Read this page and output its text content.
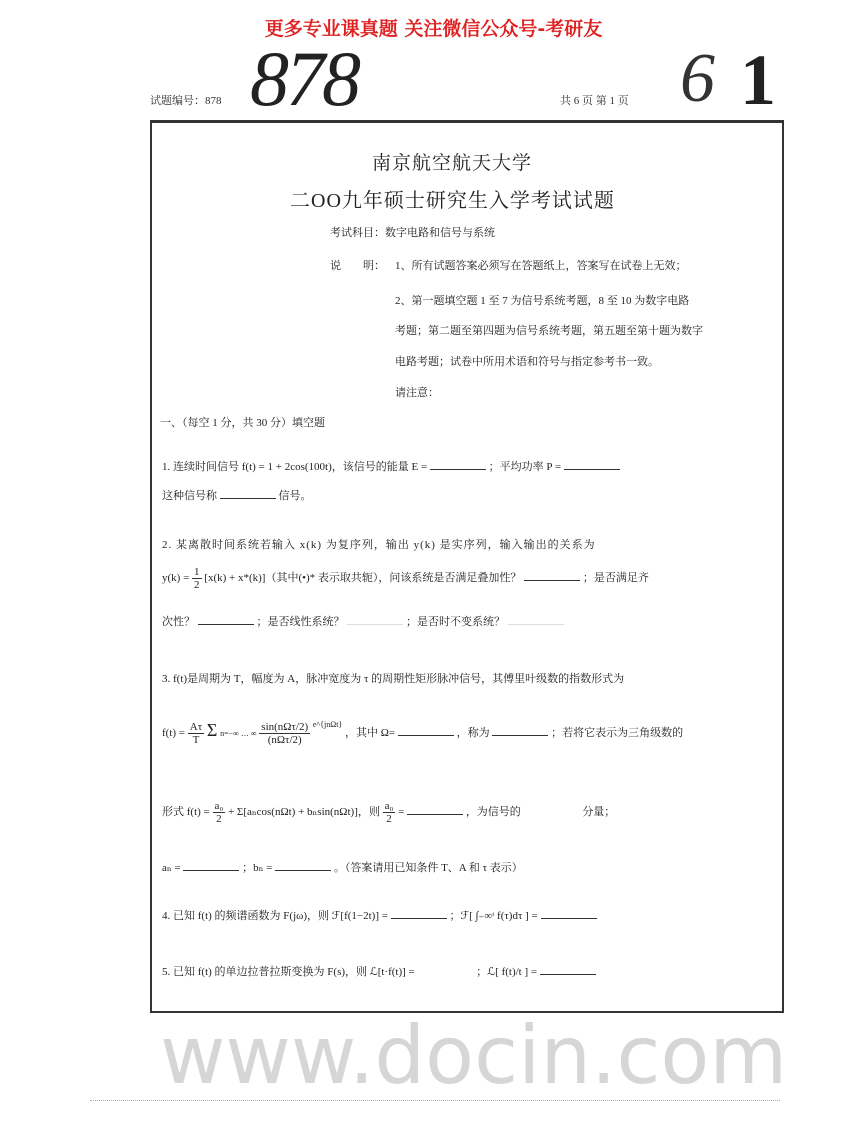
更多专业课真题 关注微信公众号-考研友
试题编号：878 878	共 6 页 第 1 页 6 1
南京航空航天大学
二OO九年硕士研究生入学考试试题
考试科目：数字电路和信号与系统
说　　明： 1、所有试题答案必须写在答题纸上，答案写在试卷上无效；
2、第一题填空题 1 至 7 为信号系统考题，8 至 10 为数字电路
考题；第二题至第四题为信号系统考题，第五题至第十题为数字
电路考题；试卷中所用术语和符号与指定参考书一致。
请注意：
一、（每空 1 分，共 30 分）填空题
1. 连续时间信号 f(t) = 1 + 2cos(100t)，该信号的能量 E =	；平均功率 P =
这种信号称	信号。
2. 某离散时间系统若输入 x(k) 为复序列，输出 y(k) 是实序列，输入输出的关系为
$y(k) = \frac{1}{2} [x(k) + x*(k)]$（其中(•)* 表示取共轭），问该系统是否满足叠加性？	；是否满足齐
次性？	；是否线性系统？	；是否时不变系统？
3. f(t)是周期为 T，幅度为 A，脉冲宽度为 τ 的周期性矩形脉冲信号，其傅里叶级数的指数形式为
$f(t) = \frac{A\tau}{T}$ Σ n=−∞ … ∞ $\frac{\text{sin(nΩτ/2)}}{\text{(nΩτ/2)}} ^{e\^{}\{jn\Omega t\}}$ ，其中 Ω=	，称为	；若将它表示为三角级数的
形式 $f(t) = \frac{\text{a₀}}{2} + \Sigma[a_n\cos(n\Omega t) + b_n\sin(n\Omega t)]$，则 $\frac{\text{a₀}}{2}$ =	，为信号的	分量；
aₙ =	；bₙ =	。（答案请用已知条件 T、A 和 τ 表示）
4. 已知 f(t) 的频谱函数为 F(jω)，则 ℱ[f(1−2t)] =	；ℱ[ ∫₋∞ᵗ f(τ)dτ ] =
5. 已知 f(t) 的单边拉普拉斯变换为 F(s)，则 ℒ[t·f(t)] =	；ℒ[ f(t)/t ] =
www.docin.com
